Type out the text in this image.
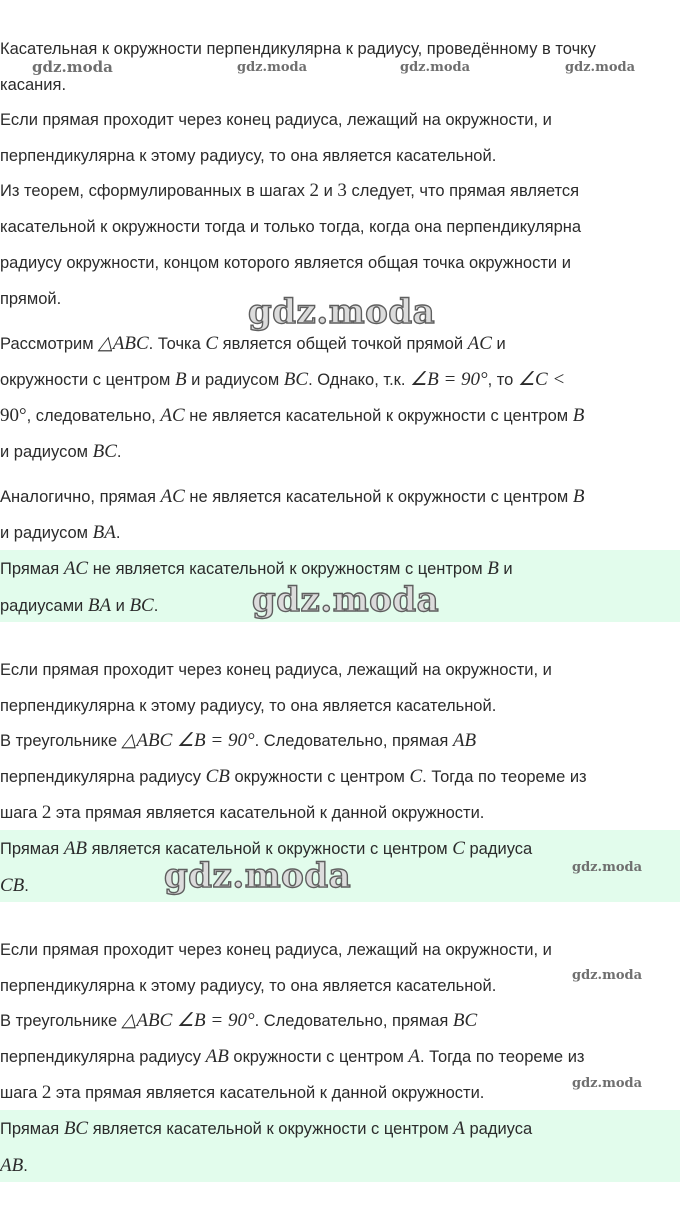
Касательная к окружности перпендикулярна к радиусу, проведённому в точку
касания.
Если прямая проходит через конец радиуса, лежащий на окружности, и
перпендикулярна к этому радиусу, то она является касательной.
Из теорем, сформулированных в шагах 2 и 3 следует, что прямая является
касательной к окружности тогда и только тогда, когда она перпендикулярна
радиусу окружности, концом которого является общая точка окружности и
прямой.
Рассмотрим △ABC. Точка C является общей точкой прямой AC и
окружности с центром B и радиусом BC. Однако, т.к. ∠B = 90°, то ∠C <
90°, следовательно, AC не является касательной к окружности с центром B
и радиусом BC.
Аналогично, прямая AC не является касательной к окружности с центром B
и радиусом BA.
Прямая AC не является касательной к окружностям с центром B и
радиусами BA и BC.
Если прямая проходит через конец радиуса, лежащий на окружности, и
перпендикулярна к этому радиусу, то она является касательной.
В треугольнике △ABC ∠B = 90°. Следовательно, прямая AB
перпендикулярна радиусу CB окружности с центром C. Тогда по теореме из
шага 2 эта прямая является касательной к данной окружности.
Прямая AB является касательной к окружности с центром C радиуса
CB.
Если прямая проходит через конец радиуса, лежащий на окружности, и
перпендикулярна к этому радиусу, то она является касательной.
В треугольнике △ABC ∠B = 90°. Следовательно, прямая BC
перпендикулярна радиусу AB окружности с центром A. Тогда по теореме из
шага 2 эта прямая является касательной к данной окружности.
Прямая BC является касательной к окружности с центром A радиуса
AB.
gdz.moda	gdz.moda	gdz.moda	gdz.moda
gdz.moda
gdz.moda
gdz.moda	gdz.moda
gdz.moda
gdz.moda
